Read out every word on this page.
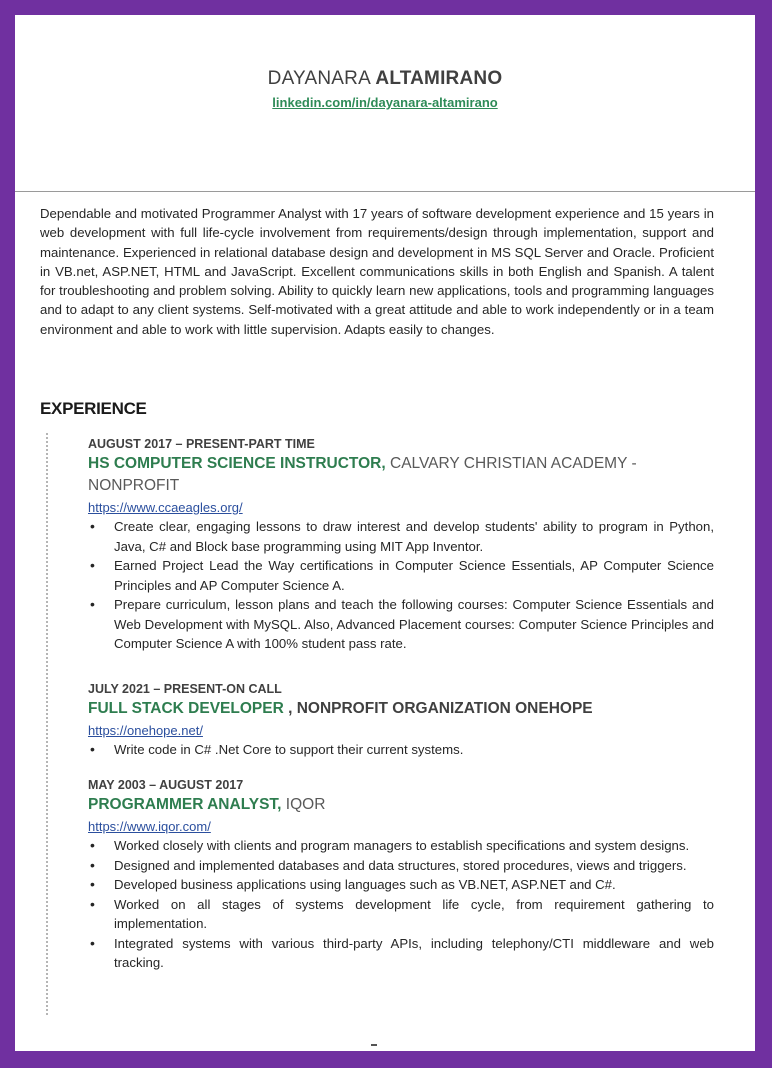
DAYANARA ALTAMIRANO
linkedin.com/in/dayanara-altamirano
Dependable and motivated Programmer Analyst with 17 years of software development experience and 15 years in web development with full life-cycle involvement from requirements/design through implementation, support and maintenance. Experienced in relational database design and development in MS SQL Server and Oracle. Proficient in VB.net, ASP.NET, HTML and JavaScript. Excellent communications skills in both English and Spanish. A talent for troubleshooting and problem solving. Ability to quickly learn new applications, tools and programming languages and to adapt to any client systems. Self-motivated with a great attitude and able to work independently or in a team environment and able to work with little supervision. Adapts easily to changes.
EXPERIENCE
AUGUST 2017 – PRESENT-PART TIME
HS COMPUTER SCIENCE INSTRUCTOR, CALVARY CHRISTIAN ACADEMY - NONPROFIT
https://www.ccaeagles.org/
• Create clear, engaging lessons to draw interest and develop students' ability to program in Python, Java, C# and Block base programming using MIT App Inventor.
• Earned Project Lead the Way certifications in Computer Science Essentials, AP Computer Science Principles and AP Computer Science A.
• Prepare curriculum, lesson plans and teach the following courses: Computer Science Essentials and Web Development with MySQL. Also, Advanced Placement courses: Computer Science Principles and Computer Science A with 100% student pass rate.
JULY 2021 – PRESENT-ON CALL
FULL STACK DEVELOPER , NONPROFIT ORGANIZATION ONEHOPE
https://onehope.net/
• Write code in C# .Net Core to support their current systems.
MAY 2003 – AUGUST 2017
PROGRAMMER ANALYST, IQOR
https://www.iqor.com/
• Worked closely with clients and program managers to establish specifications and system designs.
• Designed and implemented databases and data structures, stored procedures, views and triggers.
• Developed business applications using languages such as VB.NET, ASP.NET and C#.
• Worked on all stages of systems development life cycle, from requirement gathering to implementation.
• Integrated systems with various third-party APIs, including telephony/CTI middleware and web tracking.
